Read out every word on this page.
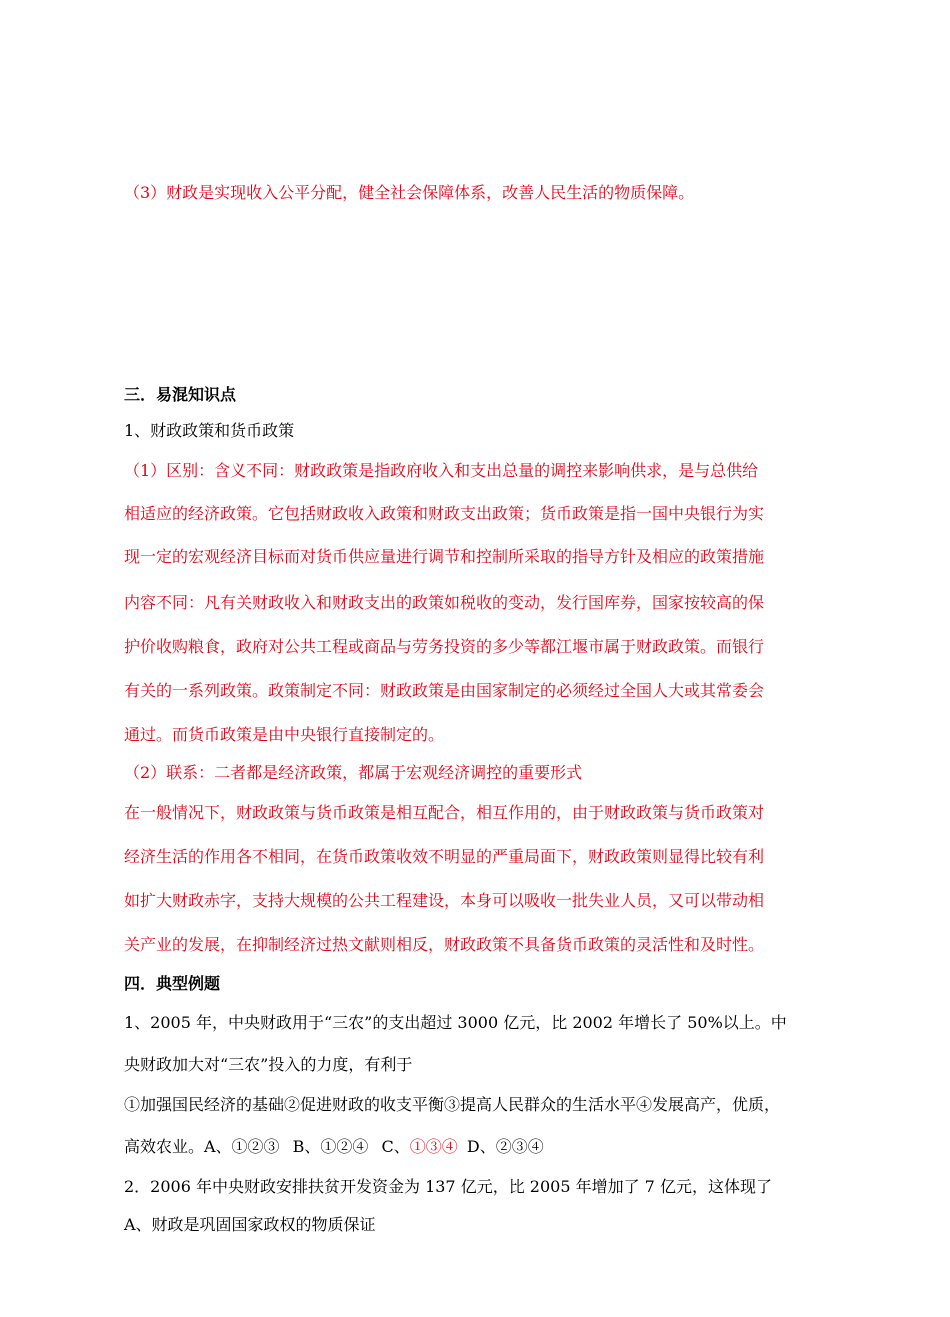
（3）财政是实现收入公平分配，健全社会保障体系，改善人民生活的物质保障。
三．易混知识点
1、财政政策和货币政策
（1）区别：含义不同：财政政策是指政府收入和支出总量的调控来影响供求，是与总供给
相适应的经济政策。它包括财政收入政策和财政支出政策；货币政策是指一国中央银行为实
现一定的宏观经济目标而对货币供应量进行调节和控制所采取的指导方针及相应的政策措施
内容不同：凡有关财政收入和财政支出的政策如税收的变动，发行国库券，国家按较高的保
护价收购粮食，政府对公共工程或商品与劳务投资的多少等都江堰市属于财政政策。而银行
有关的一系列政策。政策制定不同：财政政策是由国家制定的必须经过全国人大或其常委会
通过。而货币政策是由中央银行直接制定的。
（2）联系：二者都是经济政策，都属于宏观经济调控的重要形式
在一般情况下，财政政策与货币政策是相互配合，相互作用的，由于财政政策与货币政策对
经济生活的作用各不相同，在货币政策收效不明显的严重局面下，财政政策则显得比较有利
如扩大财政赤字，支持大规模的公共工程建设，本身可以吸收一批失业人员，又可以带动相
关产业的发展，在抑制经济过热文献则相反，财政政策不具备货币政策的灵活性和及时性。
四．典型例题
1、2005 年，中央财政用于“三农”的支出超过 3000 亿元，比 2002 年增长了 50%以上。中
央财政加大对“三农”投入的力度，有利于
①加强国民经济的基础②促进财政的收支平衡③提高人民群众的生活水平④发展高产，优质，
高效农业。A、①②③ B、①②④ C、①③④ D、②③④
2．2006 年中央财政安排扶贫开发资金为 137 亿元，比 2005 年增加了 7 亿元，这体现了
A、财政是巩固国家政权的物质保证
